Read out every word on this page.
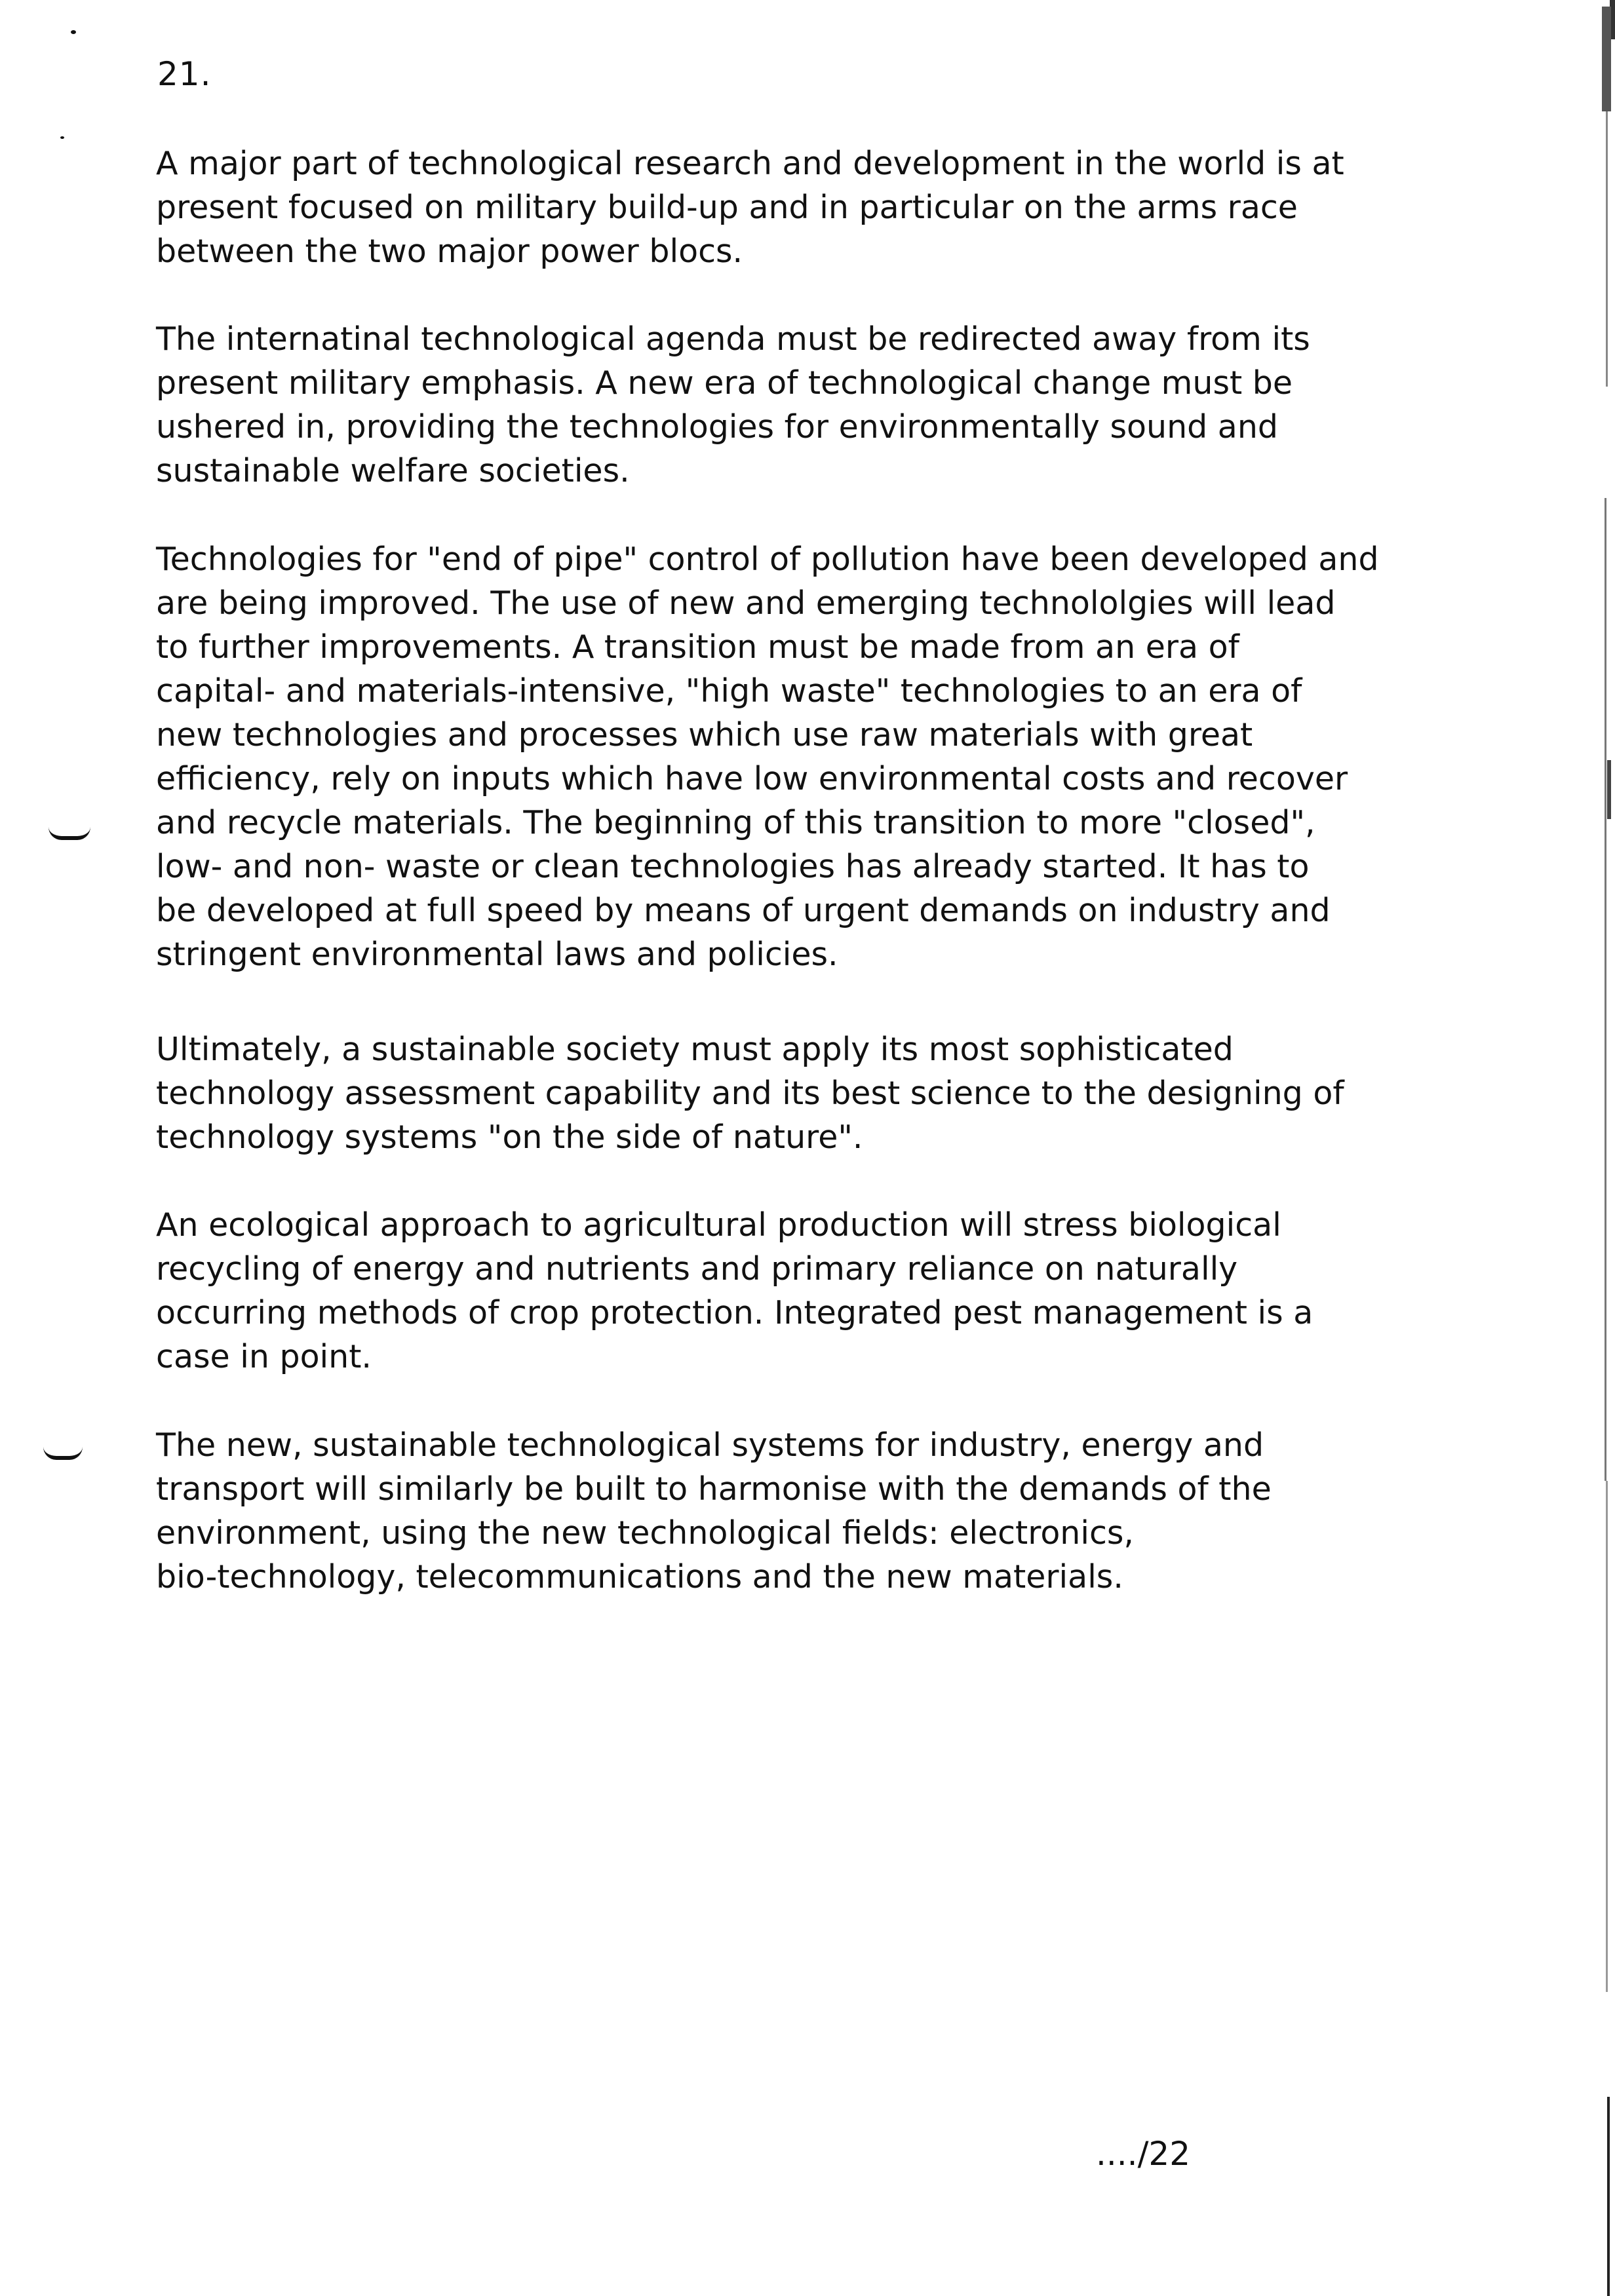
21.
A major part of technological research and development in the world is at
present focused on military build-up and in particular on the arms race
between the two major power blocs.
The internatinal technological agenda must be redirected away from its
present military emphasis. A new era of technological change must be
ushered in, providing the technologies for environmentally sound and
sustainable welfare societies.
Technologies for "end of pipe" control of pollution have been developed and
are being improved. The use of new and emerging technololgies will lead
to further improvements. A transition must be made from an era of
capital- and materials-intensive, "high waste" technologies to an era of
new technologies and processes which use raw materials with great
efficiency, rely on inputs which have low environmental costs and recover
and recycle materials. The beginning of this transition to more "closed",
low- and non- waste or clean technologies has already started. It has to
be developed at full speed by means of urgent demands on industry and
stringent environmental laws and policies.
Ultimately, a sustainable society must apply its most sophisticated
technology assessment capability and its best science to the designing of
technology systems "on the side of nature".
An ecological approach to agricultural production will stress biological
recycling of energy and nutrients and primary reliance on naturally
occurring methods of crop protection. Integrated pest management is a
case in point.
The new, sustainable technological systems for industry, energy and
transport will similarly be built to harmonise with the demands of the
environment, using the new technological fields: electronics,
bio-technology, telecommunications and the new materials.
..../22
